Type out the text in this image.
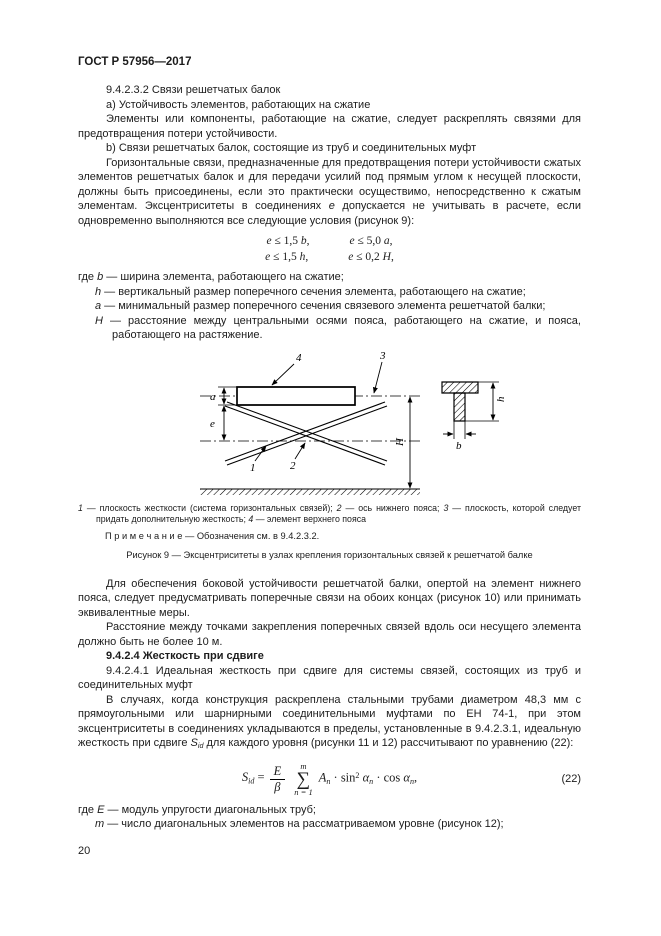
ГОСТ Р 57956—2017

9.4.2.3.2 Связи решетчатых балок

a) Устойчивость элементов, работающих на сжатие

Элементы или компоненты, работающие на сжатие, следует раскреплять связями для предотвращения потери устойчивости.

b) Связи решетчатых балок, состоящие из труб и соединительных муфт

Горизонтальные связи, предназначенные для предотвращения потери устойчивости сжатых элементов решетчатых балок и для передачи усилий под прямым углом к несущей плоскости, должны быть присоединены, если это практически осуществимо, непосредственно к сжатым элементам. Эксцентриситеты в соединениях e допускается не учитывать в расчете, если одновременно выполняются все следующие условия (рисунок 9):

e ≤ 1,5 b,	e ≤ 5,0 a,
e ≤ 1,5 h,	e ≤ 0,2 H,

где b — ширина элемента, работающего на сжатие;

h — вертикальный размер поперечного сечения элемента, работающего на сжатие;

a — минимальный размер поперечного сечения связевого элемента решетчатой балки;

H — расстояние между центральными осями пояса, работающего на сжатие, и пояса, работающего на растяжение.

a
e
H
4	3
1	2
h
b

1 — плоскость жесткости (система горизонтальных связей); 2 — ось нижнего пояса; 3 — плоскость, которой следует придать дополнительную жесткость; 4 — элемент верхнего пояса

П р и м е ч а н и е — Обозначения см. в 9.4.2.3.2.

Рисунок 9 — Эксцентриситеты в узлах крепления горизонтальных связей к решетчатой балке

Для обеспечения боковой устойчивости решетчатой балки, опертой на элемент нижнего пояса, следует предусматривать поперечные связи на обоих концах (рисунок 10) или принимать эквивалентные меры.

Расстояние между точками закрепления поперечных связей вдоль оси несущего элемента должно быть не более 10 м.

9.4.2.4 Жесткость при сдвиге

9.4.2.4.1 Идеальная жесткость при сдвиге для системы связей, состоящих из труб и соединительных муфт

В случаях, когда конструкция раскреплена стальными трубами диаметром 48,3 мм с прямоугольными или шарнирными соединительными муфтами по ЕН 74-1, при этом эксцентриситеты в соединениях укладываются в пределы, установленные в 9.4.2.3.1, идеальную жесткость при сдвиге $S_{id}$ для каждого уровня (рисунки 11 и 12) рассчитывают по уравнению (22):

$S_{id} = \frac{E}{\beta}$ m
∑
n = 1
$A_n \cdot \sin^2 \alpha_n \cdot \cos \alpha_n$,	(22)

где E — модуль упругости диагональных труб;

m — число диагональных элементов на рассматриваемом уровне (рисунок 12);

20
